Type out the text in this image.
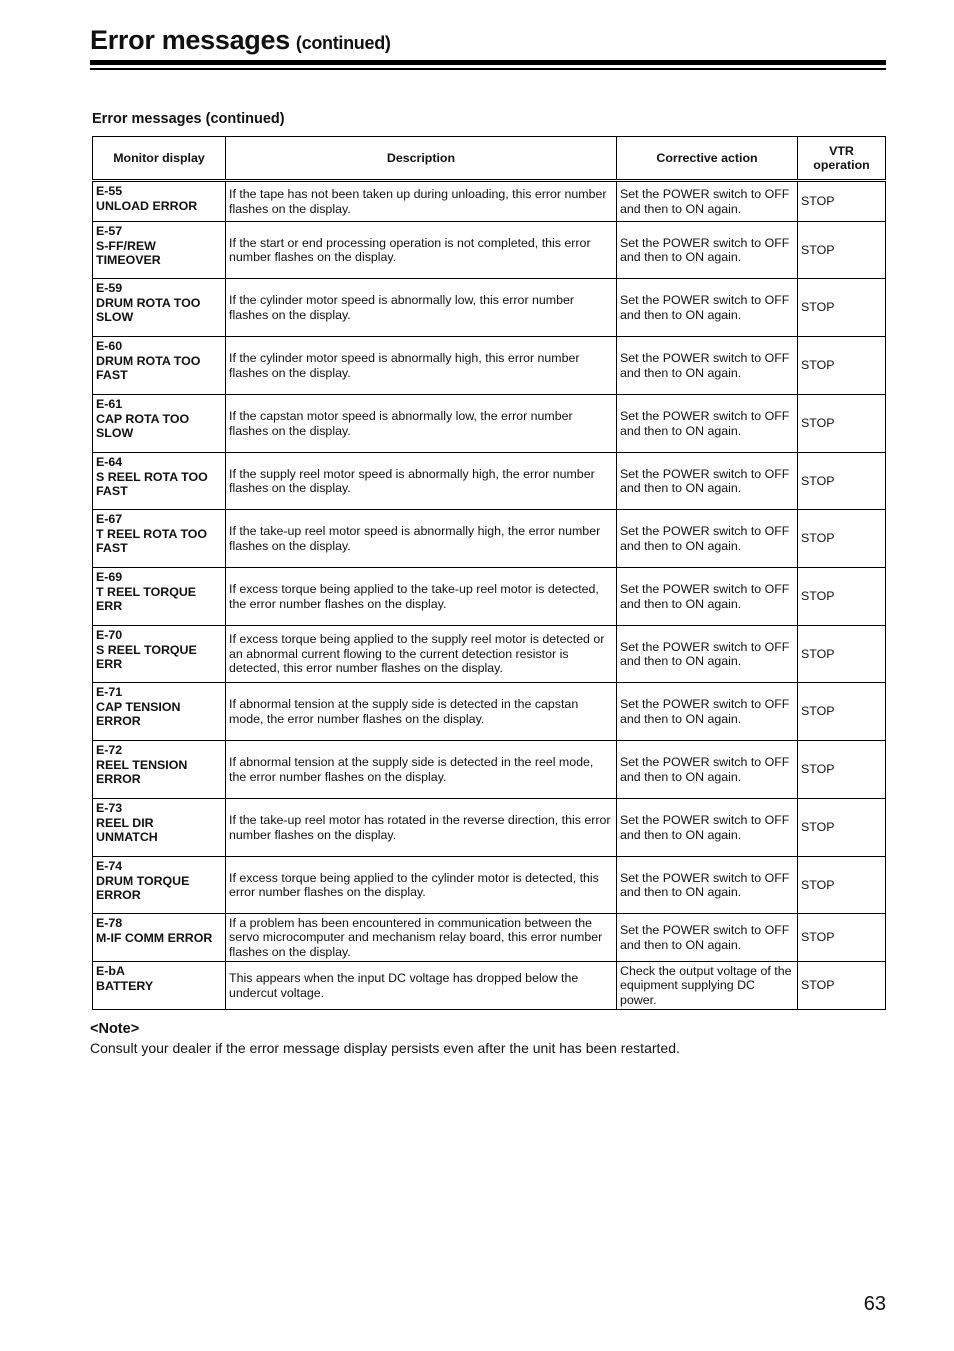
Error messages (continued)
Error messages (continued)
Monitor display	Description	Corrective action	VTR
operation

E-55
UNLOAD ERROR	If the tape has not been taken up during unloading, this error number flashes on the display.	Set the POWER switch to OFF and then to ON again.	STOP

E-57
S-FF/REW
TIMEOVER	If the start or end processing operation is not completed, this error number flashes on the display.	Set the POWER switch to OFF and then to ON again.	STOP

E-59
DRUM ROTA TOO
SLOW	If the cylinder motor speed is abnormally low, this error number flashes on the display.	Set the POWER switch to OFF and then to ON again.	STOP

E-60
DRUM ROTA TOO
FAST	If the cylinder motor speed is abnormally high, this error number flashes on the display.	Set the POWER switch to OFF and then to ON again.	STOP

E-61
CAP ROTA TOO
SLOW	If the capstan motor speed is abnormally low, the error number flashes on the display.	Set the POWER switch to OFF and then to ON again.	STOP

E-64
S REEL ROTA TOO
FAST	If the supply reel motor speed is abnormally high, the error number flashes on the display.	Set the POWER switch to OFF and then to ON again.	STOP

E-67
T REEL ROTA TOO
FAST	If the take-up reel motor speed is abnormally high, the error number flashes on the display.	Set the POWER switch to OFF and then to ON again.	STOP

E-69
T REEL TORQUE
ERR	If excess torque being applied to the take-up reel motor is detected, the error number flashes on the display.	Set the POWER switch to OFF and then to ON again.	STOP

E-70
S REEL TORQUE
ERR	If excess torque being applied to the supply reel motor is detected or an abnormal current flowing to the current detection resistor is detected, this error number flashes on the display.	Set the POWER switch to OFF and then to ON again.	STOP

E-71
CAP TENSION
ERROR	If abnormal tension at the supply side is detected in the capstan mode, the error number flashes on the display.	Set the POWER switch to OFF and then to ON again.	STOP

E-72
REEL TENSION
ERROR	If abnormal tension at the supply side is detected in the reel mode, the error number flashes on the display.	Set the POWER switch to OFF and then to ON again.	STOP

E-73
REEL DIR
UNMATCH	If the take-up reel motor has rotated in the reverse direction, this error number flashes on the display.	Set the POWER switch to OFF and then to ON again.	STOP

E-74
DRUM TORQUE
ERROR	If excess torque being applied to the cylinder motor is detected, this error number flashes on the display.	Set the POWER switch to OFF and then to ON again.	STOP

E-78
M-IF COMM ERROR	If a problem has been encountered in communication between the servo microcomputer and mechanism relay board, this error number flashes on the display.	Set the POWER switch to OFF and then to ON again.	STOP

E-bA
BATTERY	This appears when the input DC voltage has dropped below the undercut voltage.	Check the output voltage of the equipment supplying DC power.	STOP
<Note>
Consult your dealer if the error message display persists even after the unit has been restarted.
63
